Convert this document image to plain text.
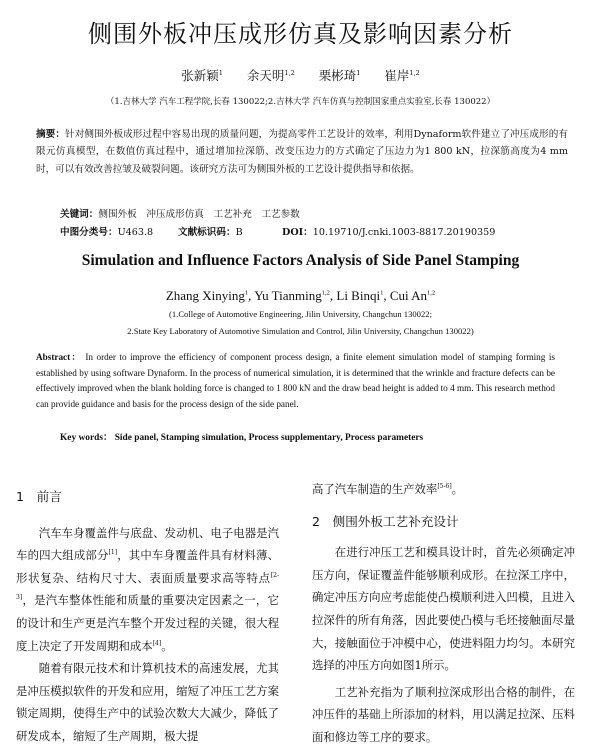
侧围外板冲压成形仿真及影响因素分析
张新颖$^1$ 余天明$^{1,2}$ 栗彬琦$^1$ 崔岸$^{1,2}$
（1.吉林大学 汽车工程学院,长春 130022;2.吉林大学 汽车仿真与控制国家重点实验室,长春 130022）
摘要：针对侧围外板成形过程中容易出现的质量问题，为提高零件工艺设计的效率，利用Dynaform软件建立了冲压成形的有限元仿真模型，在数值仿真过程中，通过增加拉深筋、改变压边力的方式确定了压边力为1 800 kN，拉深筋高度为4 mm时，可以有效改善拉皱及破裂问题。该研究方法可为侧围外板的工艺设计提供指导和依据。
关键词：侧围外板　冲压成形仿真　工艺补充　工艺参数
中图分类号：U463.8	文献标识码：B	DOI：10.19710/J.cnki.1003-8817.20190359
Simulation and Influence Factors Analysis of Side Panel Stamping
Zhang Xinying$^1$, Yu Tianming$^{1,2}$, Li Binqi$^1$, Cui An$^{1,2}$
(1.College of Automotive Engineering, Jilin University, Changchun 130022;
2.State Key Laboratory of Automotive Simulation and Control, Jilin University, Changchun 130022)
Abstract： In order to improve the efficiency of component process design, a finite element simulation model of stamping forming is established by using software Dynaform. In the process of numerical simulation, it is determined that the wrinkle and fracture defects can be effectively improved when the blank holding force is changed to 1 800 kN and the draw bead height is added to 4 mm. This research method can provide guidance and basis for the process design of the side panel.
Key words： Side panel, Stamping simulation, Process supplementary, Process parameters
1　前言

汽车车身覆盖件与底盘、发动机、电子电器是汽车的四大组成部分[1]，其中车身覆盖件具有材料薄、形状复杂、结构尺寸大、表面质量要求高等特点[2-3]，是汽车整体性能和质量的重要决定因素之一，它的设计和生产更是汽车整个开发过程的关键，很大程度上决定了开发周期和成本[4]。

随着有限元技术和计算机技术的高速发展，尤其是冲压模拟软件的开发和应用，缩短了冲压工艺方案锁定周期，使得生产中的试验次数大大减少，降低了研发成本，缩短了生产周期，极大提

高了汽车制造的生产效率[5-6]。

2　侧围外板工艺补充设计

在进行冲压工艺和模具设计时，首先必须确定冲压方向，保证覆盖件能够顺利成形。在拉深工序中，确定冲压方向应考虑能使凸模顺利进入凹模，且进入拉深件的所有角落，因此要使凸模与毛坯接触面尽量大，接触面位于冲模中心，使进料阻力均匀。本研究选择的冲压方向如图1所示。

工艺补充指为了顺利拉深成形出合格的制件，在冲压件的基础上所添加的材料，用以满足拉深、压料面和修边等工序的要求。
